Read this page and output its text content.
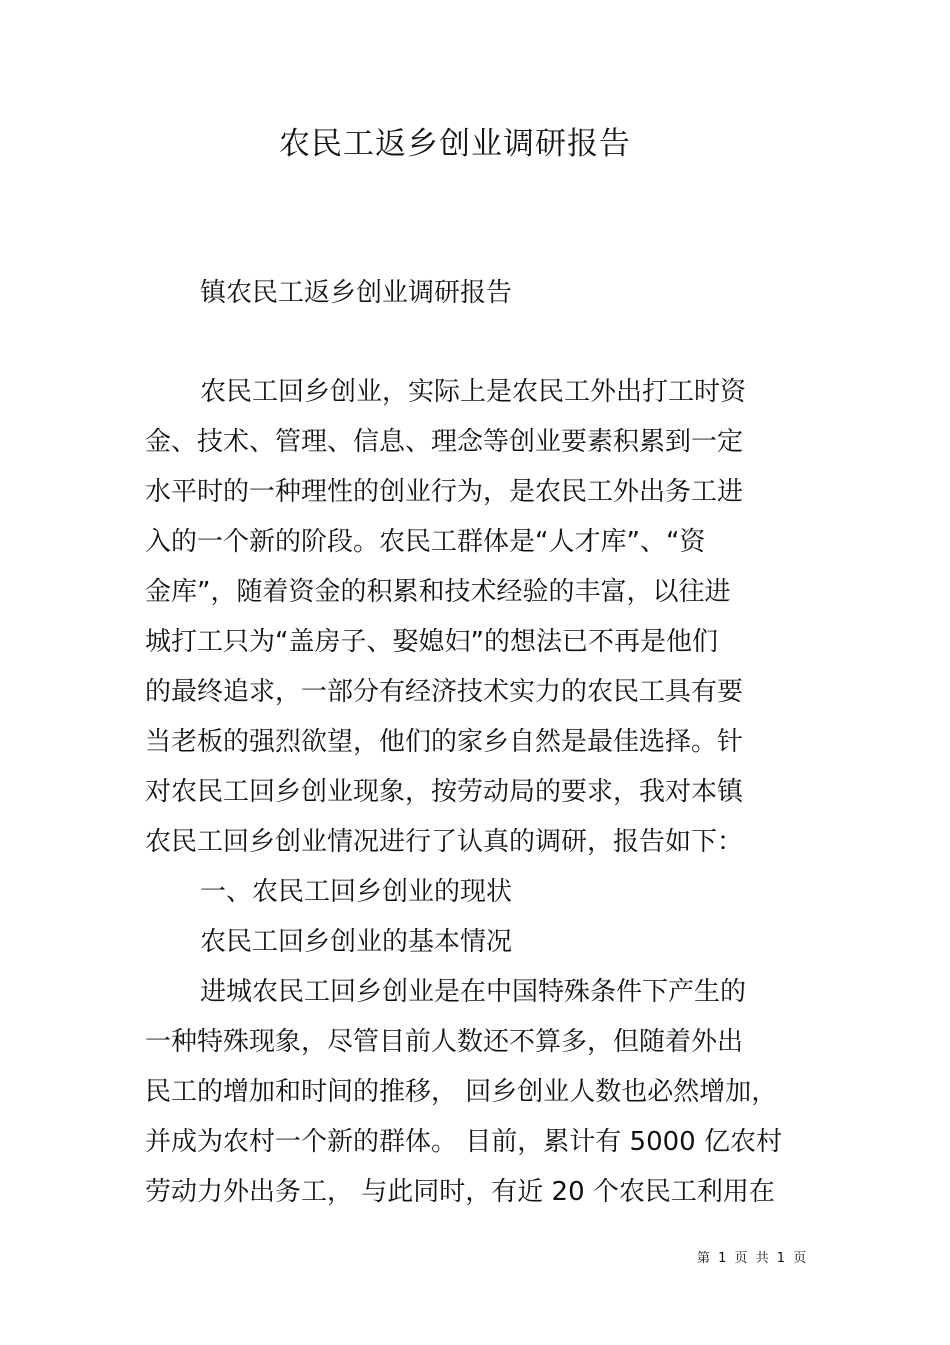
农民工返乡创业调研报告
镇农民工返乡创业调研报告
农民工回乡创业，实际上是农民工外出打工时资
金、技术、管理、信息、理念等创业要素积累到一定
水平时的一种理性的创业行为，是农民工外出务工进
入的一个新的阶段。农民工群体是“人才库”、“资
金库”，随着资金的积累和技术经验的丰富，以往进
城打工只为“盖房子、娶媳妇”的想法已不再是他们
的最终追求，一部分有经济技术实力的农民工具有要
当老板的强烈欲望，他们的家乡自然是最佳选择。针
对农民工回乡创业现象，按劳动局的要求，我对本镇
农民工回乡创业情况进行了认真的调研，报告如下：
一、农民工回乡创业的现状
农民工回乡创业的基本情况
进城农民工回乡创业是在中国特殊条件下产生的
一种特殊现象，尽管目前人数还不算多，但随着外出
民工的增加和时间的推移， 回乡创业人数也必然增加，
并成为农村一个新的群体。 目前，累计有 5000 亿农村
劳动力外出务工， 与此同时，有近 20 个农民工利用在
第 1 页 共 1 页
